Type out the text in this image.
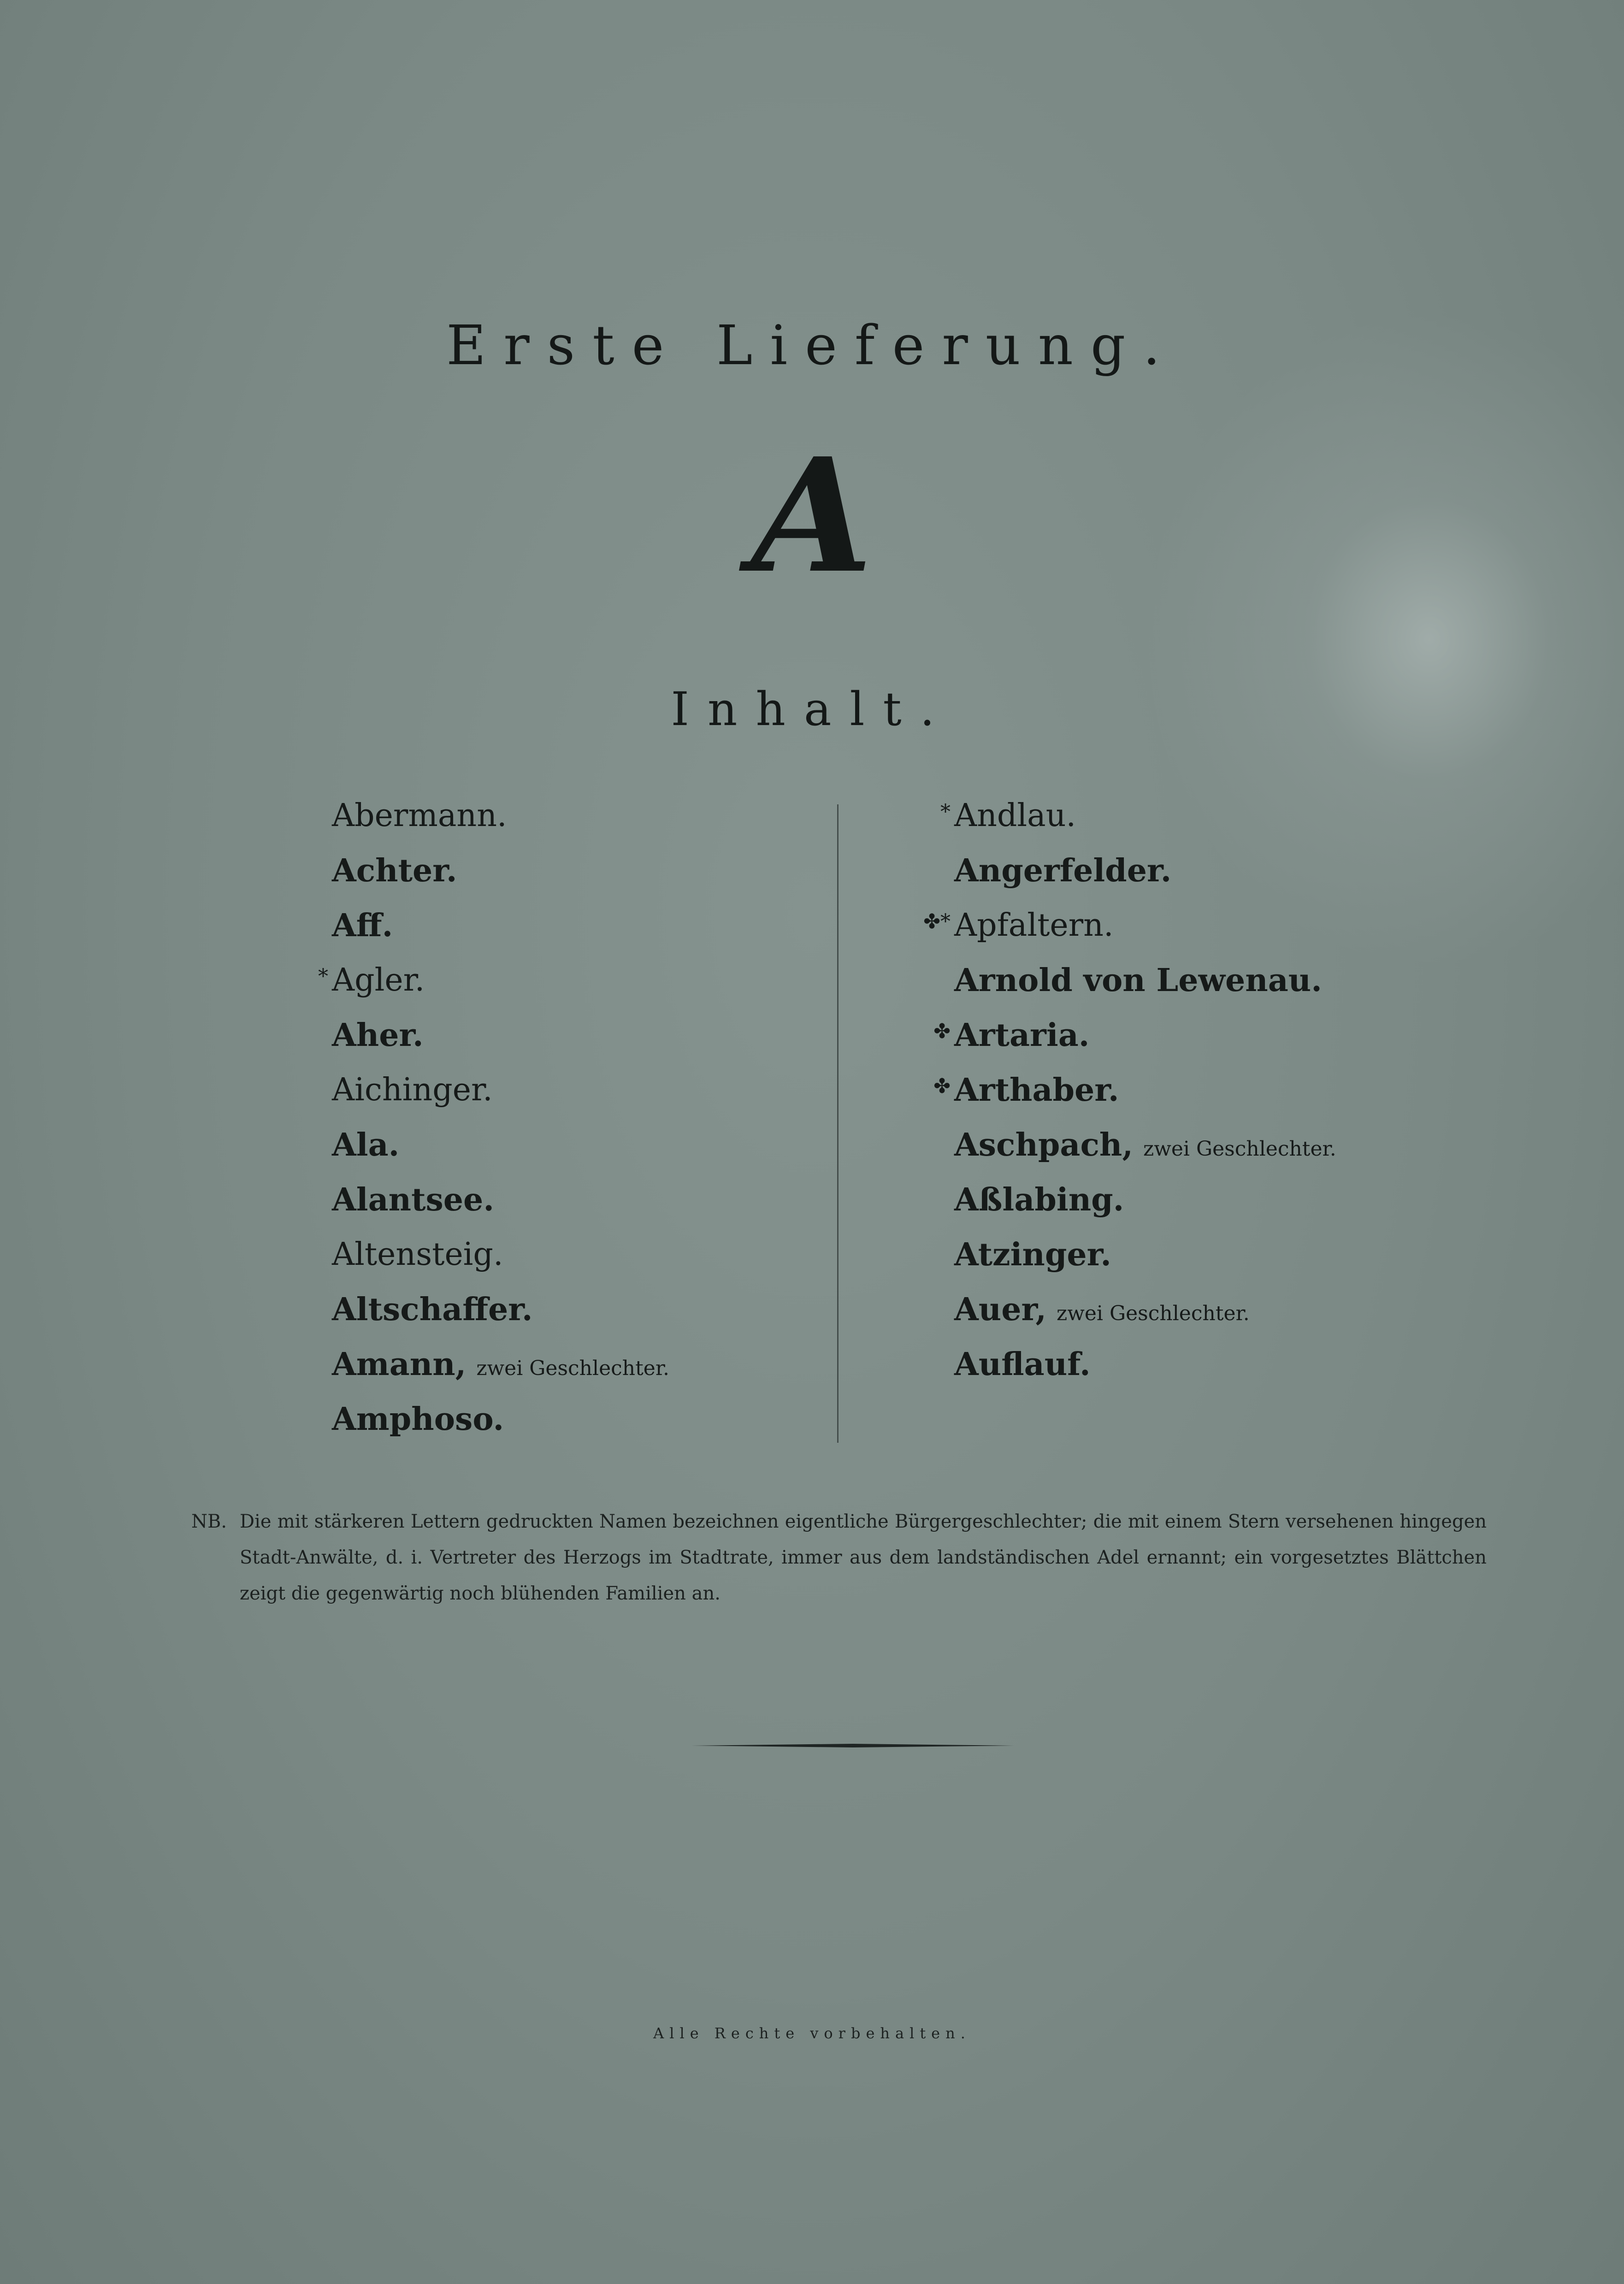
Erste Lieferung.
A
Inhalt.
Abermann.
Achter.
Aff.
* Agler.
Aher.
Aichinger.
Ala.
Alantsee.
Altensteig.
Altschaffer.
Amann, zwei Geschlechter.
Amphoso.
* Andlau.
Angerfelder.
✤* Apfaltern.
Arnold von Lewenau.
✤ Artaria.
✤ Arthaber.
Aschpach, zwei Geschlechter.
Aßlabing.
Atzinger.
Auer, zwei Geschlechter.
Auflauf.
NB. Die mit stärkeren Lettern gedruckten Namen bezeichnen eigentliche Bürgergeschlechter; die mit einem Stern versehenen hingegen Stadt-Anwälte, d. i. Vertreter des Herzogs im Stadtrate, immer aus dem landständischen Adel ernannt; ein vorgesetztes Blättchen zeigt die gegenwärtig noch blühenden Familien an.

Alle Rechte vorbehalten.
